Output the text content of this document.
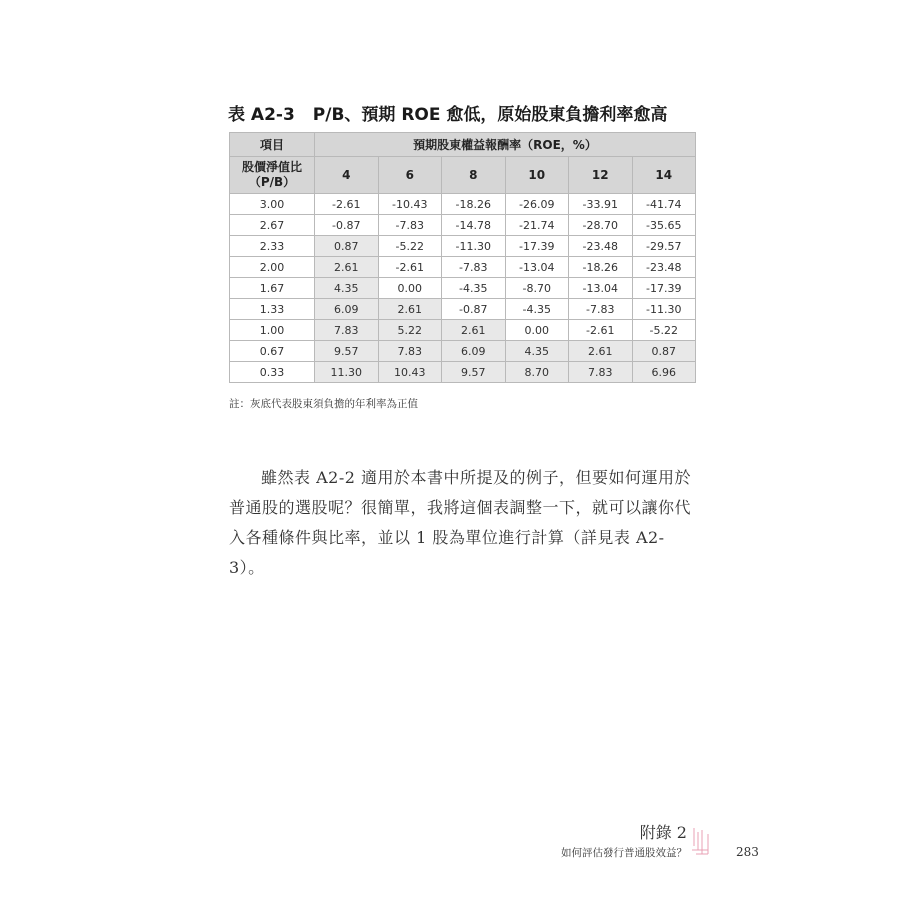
表 A2-3 P/B、預期 ROE 愈低，原始股東負擔利率愈高
項目	預期股東權益報酬率（ROE，%）					

股價淨值比
（P/B）	4	6	8	10	12	14
3.00	-2.61	-10.43	-18.26	-26.09	-33.91	-41.74
2.67	-0.87	-7.83	-14.78	-21.74	-28.70	-35.65
2.33	0.87	-5.22	-11.30	-17.39	-23.48	-29.57
2.00	2.61	-2.61	-7.83	-13.04	-18.26	-23.48
1.67	4.35	0.00	-4.35	-8.70	-13.04	-17.39
1.33	6.09	2.61	-0.87	-4.35	-7.83	-11.30
1.00	7.83	5.22	2.61	0.00	-2.61	-5.22
0.67	9.57	7.83	6.09	4.35	2.61	0.87
0.33	11.30	10.43	9.57	8.70	7.83	6.96
註：灰底代表股東須負擔的年利率為正值

雖然表 A2-2 適用於本書中所提及的例子，但要如何運用於普通股的選股呢？很簡單，我將這個表調整一下，就可以讓你代入各種條件與比率，並以 1 股為單位進行計算（詳見表 A2-3）。

附錄 2
如何評估發行普通股效益？	283
